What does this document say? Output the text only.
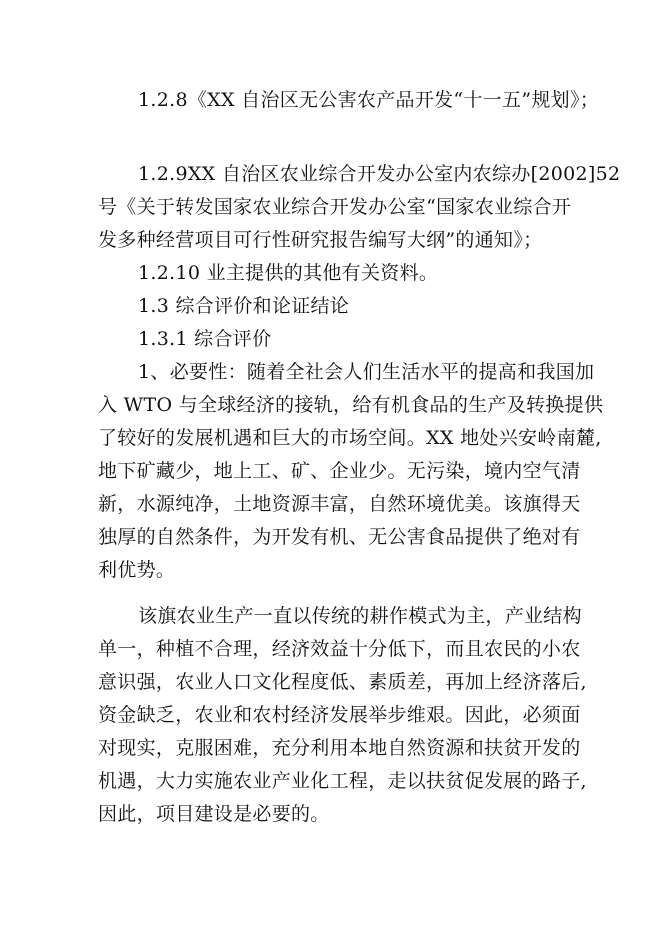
1.2.8《XX 自治区无公害农产品开发“十一五”规划》；

1.2.9XX 自治区农业综合开发办公室内农综办[2002]52
号《关于转发国家农业综合开发办公室“国家农业综合开
发多种经营项目可行性研究报告编写大纲”的通知》；

1.2.10 业主提供的其他有关资料。

1.3 综合评价和论证结论

1.3.1 综合评价

1、必要性：随着全社会人们生活水平的提高和我国加
入 WTO 与全球经济的接轨，给有机食品的生产及转换提供
了较好的发展机遇和巨大的市场空间。XX 地处兴安岭南麓,
地下矿藏少，地上工、矿、企业少。无污染，境内空气清
新，水源纯净，土地资源丰富，自然环境优美。该旗得天
独厚的自然条件，为开发有机、无公害食品提供了绝对有
利优势。

该旗农业生产一直以传统的耕作模式为主，产业结构
单一，种植不合理，经济效益十分低下，而且农民的小农
意识强，农业人口文化程度低、素质差，再加上经济落后,
资金缺乏，农业和农村经济发展举步维艰。因此，必须面
对现实，克服困难，充分利用本地自然资源和扶贫开发的
机遇，大力实施农业产业化工程，走以扶贫促发展的路子,
因此，项目建设是必要的。
